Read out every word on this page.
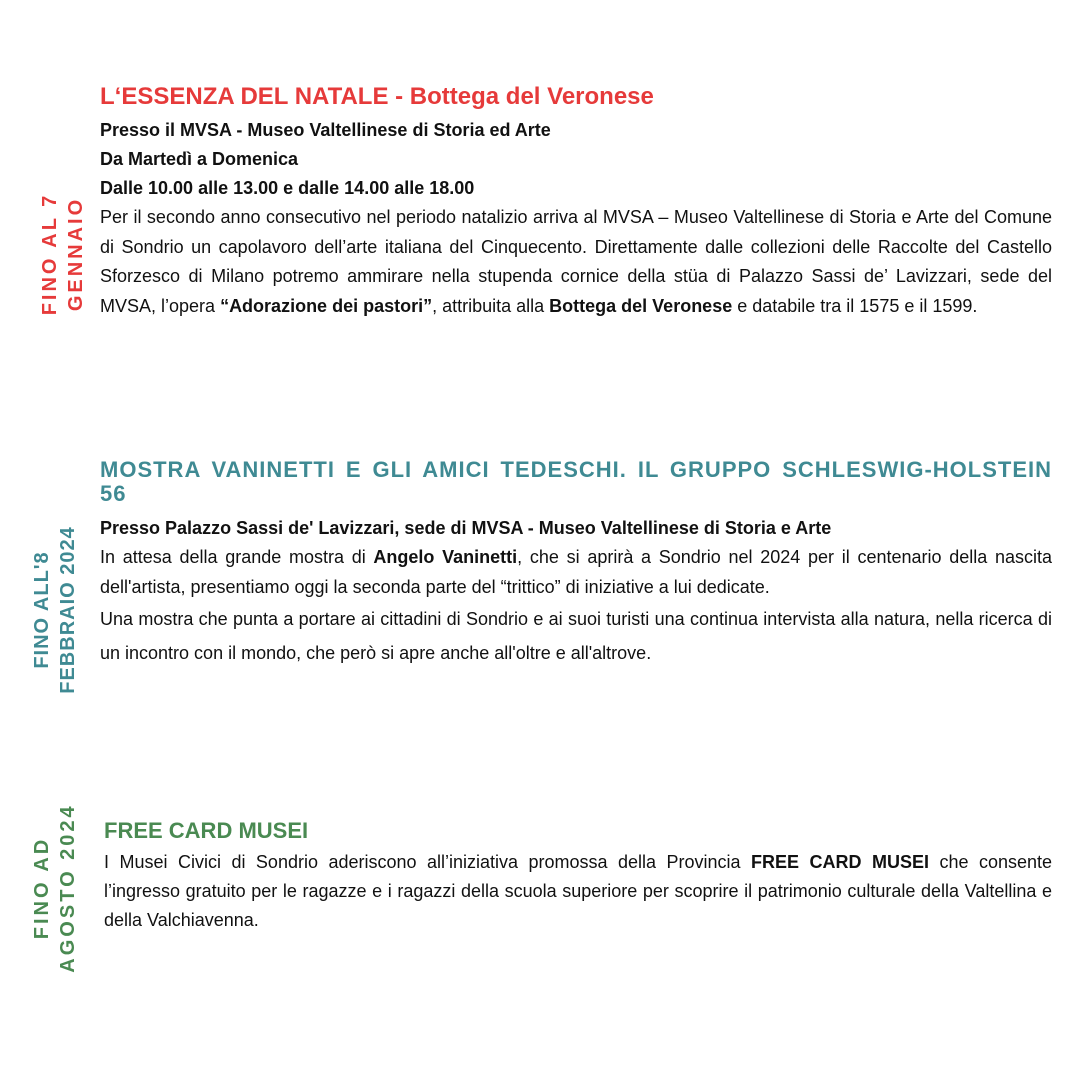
FINO AL 7 GENNAIO
L‘ESSENZA DEL NATALE - Bottega del Veronese

Presso il MVSA - Museo Valtellinese di Storia ed Arte

Da Martedì a Domenica

Dalle 10.00 alle 13.00 e dalle 14.00 alle 18.00

Per il secondo anno consecutivo nel periodo natalizio arriva al MVSA – Museo Valtellinese di Storia e Arte del Comune di Sondrio un capolavoro dell’arte italiana del Cinquecento. Direttamente dalle collezioni delle Raccolte del Castello Sforzesco di Milano potremo ammirare nella stupenda cornice della stüa di Palazzo Sassi de’ Lavizzari, sede del MVSA, l’opera “Adorazione dei pastori”, attribuita alla Bottega del Veronese e databile tra il 1575 e il 1599.

FINO ALL'8 FEBBRAIO 2024
MOSTRA VANINETTI E GLI AMICI TEDESCHI. IL GRUPPO SCHLESWIG-HOLSTEIN 56

Presso Palazzo Sassi de' Lavizzari, sede di MVSA - Museo Valtellinese di Storia e Arte

In attesa della grande mostra di Angelo Vaninetti, che si aprirà a Sondrio nel 2024 per il centenario della nascita dell'artista, presentiamo oggi la seconda parte del “trittico” di iniziative a lui dedicate.

Una mostra che punta a portare ai cittadini di Sondrio e ai suoi turisti una continua intervista alla natura, nella ricerca di un incontro con il mondo, che però si apre anche all'oltre e all'altrove.

FINO AD AGOSTO 2024 FREE CARD MUSEI

I Musei Civici di Sondrio aderiscono all’iniziativa promossa della Provincia FREE CARD MUSEI che consente l’ingresso gratuito per le ragazze e i ragazzi della scuola superiore per scoprire il patrimonio culturale della Valtellina e della Valchiavenna.
